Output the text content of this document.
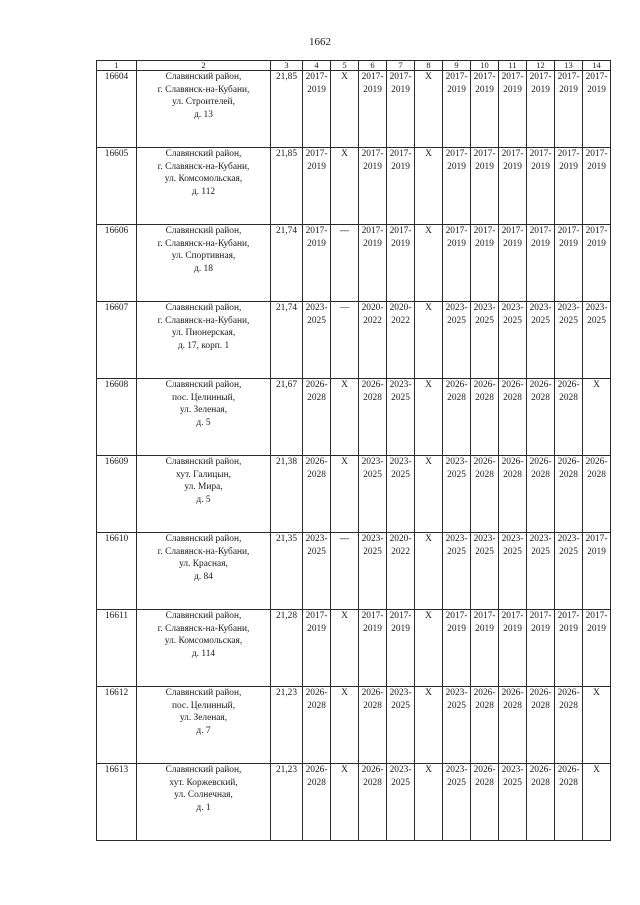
1662
1	2	3	4	5	6	7	8	9	10	11	12	13	14
16604	Славянский район,
г. Славянск-на-Кубани,
ул. Строителей,
д. 13	21,85	2017-2019	X	2017-2019	2017-2019	X	2017-2019	2017-2019	2017-2019	2017-2019	2017-2019	2017-2019
16605	Славянский район,
г. Славянск-на-Кубани,
ул. Комсомольская,
д. 112	21,85	2017-2019	X	2017-2019	2017-2019	X	2017-2019	2017-2019	2017-2019	2017-2019	2017-2019	2017-2019
16606	Славянский район,
г. Славянск-на-Кубани,
ул. Спортивная,
д. 18	21,74	2017-2019	---	2017-2019	2017-2019	X	2017-2019	2017-2019	2017-2019	2017-2019	2017-2019	2017-2019
16607	Славянский район,
г. Славянск-на-Кубани,
ул. Пионерская,
д. 17, корп. 1	21,74	2023-2025	—	2020-2022	2020-2022	X	2023-2025	2023-2025	2023-2025	2023-2025	2023-2025	2023-2025
16608	Славянский район,
пос. Целинный,
ул. Зеленая,
д. 5	21,67	2026-2028	X	2026-2028	2023-2025	X	2026-2028	2026-2028	2026-2028	2026-2028	2026-2028	X
16609	Славянский район,
хут. Галицын,
ул. Мира,
д. 5	21,38	2026-2028	X	2023-2025	2023-2025	X	2023-2025	2026-2028	2026-2028	2026-2028	2026-2028	2026-2028
16610	Славянский район,
г. Славянск-на-Кубани,
ул. Красная,
д. 84	21,35	2023-2025	---	2023-2025	2020-2022	X	2023-2025	2023-2025	2023-2025	2023-2025	2023-2025	2017-2019
16611	Славянский район,
г. Славянск-на-Кубани,
ул. Комсомольская,
д. 114	21,28	2017-2019	X	2017-2019	2017-2019	X	2017-2019	2017-2019	2017-2019	2017-2019	2017-2019	2017-2019
16612	Славянский район,
пос. Целинный,
ул. Зеленая,
д. 7	21,23	2026-2028	X	2026-2028	2023-2025	X	2023-2025	2026-2028	2026-2028	2026-2028	2026-2028	X
16613	Славянский район,
хут. Коржевский,
ул. Солнечная,
д. 1	21,23	2026-2028	X	2026-2028	2023-2025	X	2023-2025	2026-2028	2023-2025	2026-2028	2026-2028	X
